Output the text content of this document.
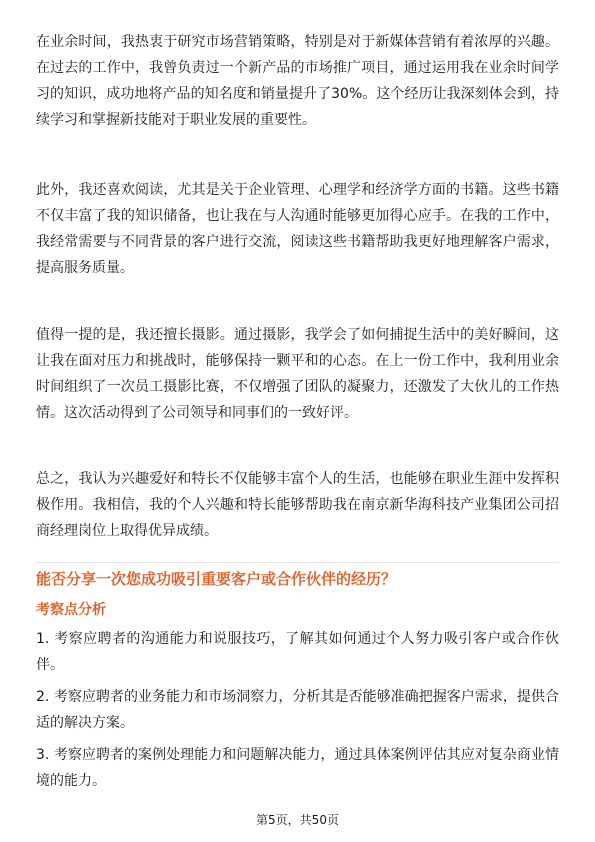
在业余时间，我热衷于研究市场营销策略，特别是对于新媒体营销有着浓厚的兴趣。在过去的工作中，我曾负责过一个新产品的市场推广项目，通过运用我在业余时间学习的知识，成功地将产品的知名度和销量提升了30%。这个经历让我深刻体会到，持续学习和掌握新技能对于职业发展的重要性。

此外，我还喜欢阅读，尤其是关于企业管理、心理学和经济学方面的书籍。这些书籍不仅丰富了我的知识储备，也让我在与人沟通时能够更加得心应手。在我的工作中，我经常需要与不同背景的客户进行交流，阅读这些书籍帮助我更好地理解客户需求，提高服务质量。

值得一提的是，我还擅长摄影。通过摄影，我学会了如何捕捉生活中的美好瞬间，这让我在面对压力和挑战时，能够保持一颗平和的心态。在上一份工作中，我利用业余时间组织了一次员工摄影比赛，不仅增强了团队的凝聚力，还激发了大伙儿的工作热情。这次活动得到了公司领导和同事们的一致好评。

总之，我认为兴趣爱好和特长不仅能够丰富个人的生活，也能够在职业生涯中发挥积极作用。我相信，我的个人兴趣和特长能够帮助我在南京新华海科技产业集团公司招商经理岗位上取得优异成绩。

能否分享一次您成功吸引重要客户或合作伙伴的经历？
考察点分析
1. 考察应聘者的沟通能力和说服技巧，了解其如何通过个人努力吸引客户或合作伙伴。
2. 考察应聘者的业务能力和市场洞察力，分析其是否能够准确把握客户需求，提供合适的解决方案。
3. 考察应聘者的案例处理能力和问题解决能力，通过具体案例评估其应对复杂商业情境的能力。
第5页，共50页
